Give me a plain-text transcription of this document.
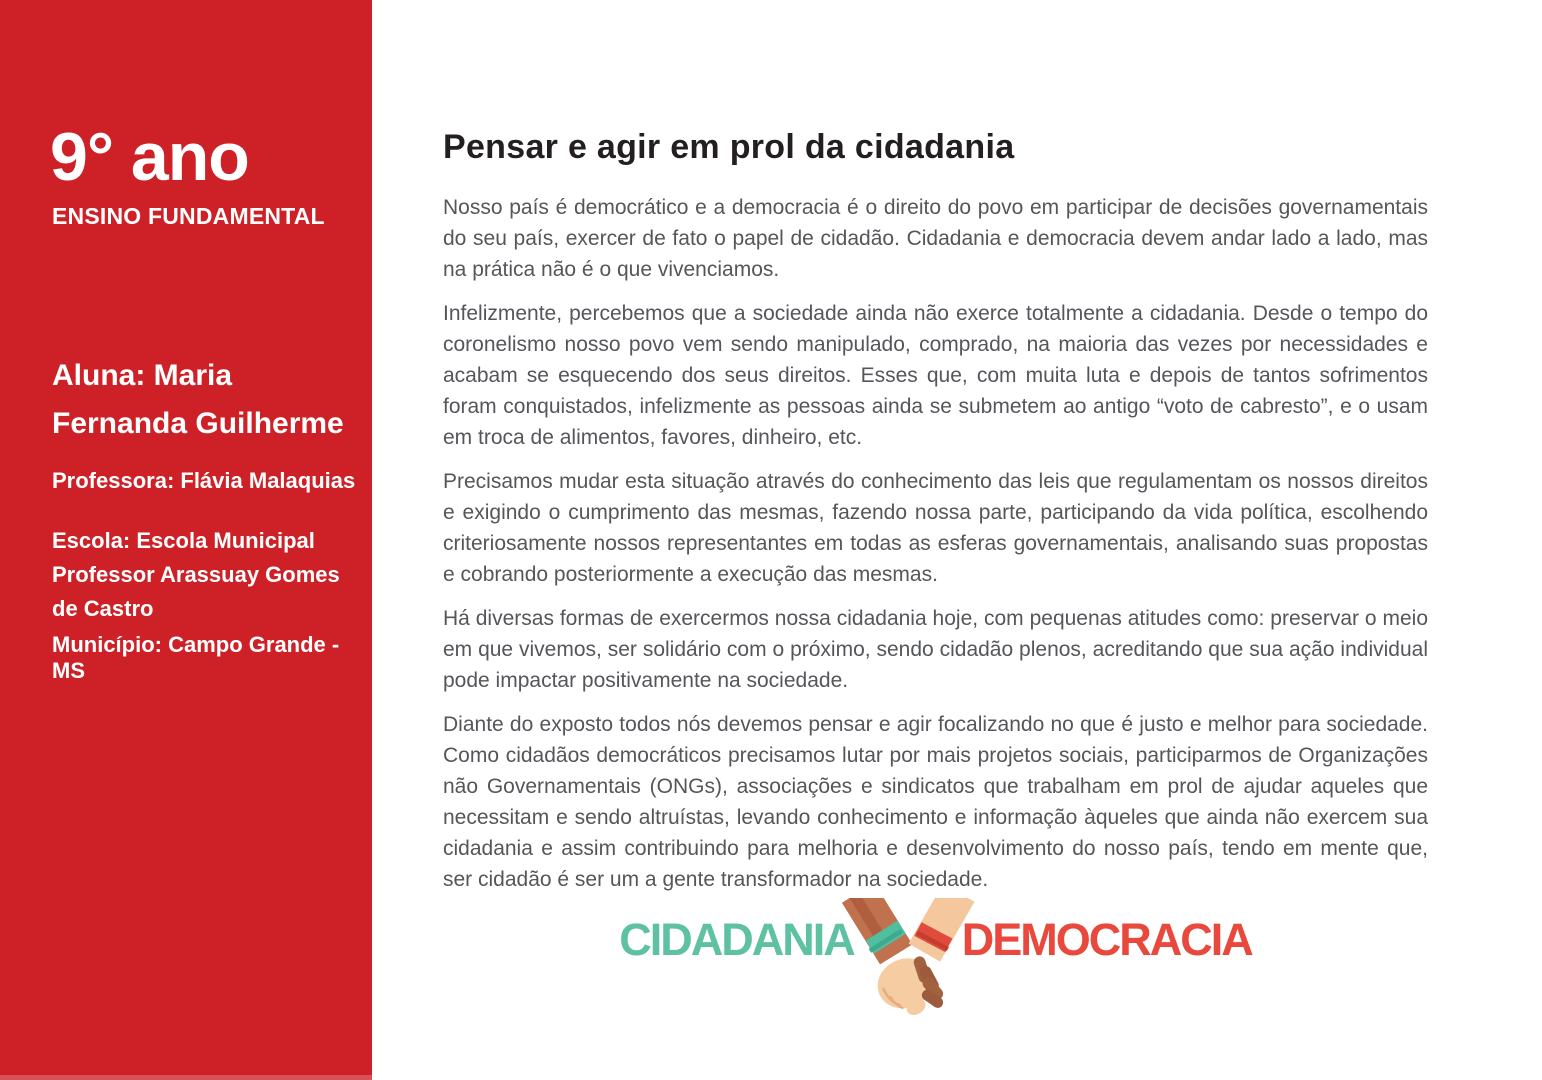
9° ano
ENSINO FUNDAMENTAL
Aluna: Maria Fernanda Guilherme
Professora: Flávia Malaquias
Escola: Escola Municipal Professor Arassuay Gomes de Castro
Município: Campo Grande - MS
Pensar e agir em prol da cidadania

Nosso país é democrático e a democracia é o direito do povo em participar de decisões governamentais do seu país, exercer de fato o papel de cidadão. Cidadania e democracia devem andar lado a lado, mas na prática não é o que vivenciamos.

Infelizmente, percebemos que a sociedade ainda não exerce totalmente a cidadania. Desde o tempo do coronelismo nosso povo vem sendo manipulado, comprado, na maioria das vezes por necessidades e acabam se esquecendo dos seus direitos. Esses que, com muita luta e depois de tantos sofrimentos foram conquistados, infelizmente as pessoas ainda se submetem ao antigo “voto de cabresto”, e o usam em troca de alimentos, favores, dinheiro, etc.

Precisamos mudar esta situação através do conhecimento das leis que regulamentam os nossos direitos e exigindo o cumprimento das mesmas, fazendo nossa parte, participando da vida política, escolhendo criteriosamente nossos representantes em todas as esferas governamentais, analisando suas propostas e cobrando posteriormente a execução das mesmas.

Há diversas formas de exercermos nossa cidadania hoje, com pequenas atitudes como: preservar o meio em que vivemos, ser solidário com o próximo, sendo cidadão plenos, acreditando que sua ação individual pode impactar positivamente na sociedade.

Diante do exposto todos nós devemos pensar e agir focalizando no que é justo e melhor para sociedade. Como cidadãos democráticos precisamos lutar por mais projetos sociais, participarmos de Organizações não Governamentais (ONGs), associações e sindicatos que trabalham em prol de ajudar aqueles que necessitam e sendo altruístas, levando conhecimento e informação àqueles que ainda não exercem sua cidadania e assim contribuindo para melhoria e desenvolvimento do nosso país, tendo em mente que, ser cidadão é ser um a gente transformador na sociedade.

CIDADANIA DEMOCRACIA
